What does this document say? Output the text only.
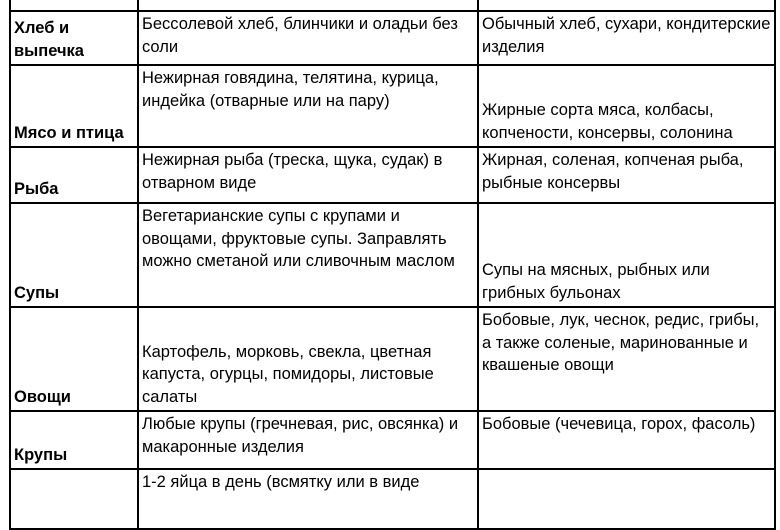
Хлеб и выпечка	Бессолевой хлеб, блинчики и оладьи без соли	Обычный хлеб, сухари, кондитерские изделия

Мясо и птица	Нежирная говядина, телятина, курица, индейка (отварные или на пару)	Жирные сорта мяса, колбасы, копчености, консервы, солонина

Рыба	Нежирная рыба (треска, щука, судак) в отварном виде	Жирная, соленая, копченая рыба, рыбные консервы

Супы	Вегетарианские супы с крупами и овощами, фруктовые супы. Заправлять можно сметаной или сливочным маслом	Супы на мясных, рыбных или грибных бульонах

Овощи	Картофель, морковь, свекла, цветная капуста, огурцы, помидоры, листовые салаты	Бобовые, лук, чеснок, редис, грибы, а также соленые, маринованные и квашеные овощи

Крупы	Любые крупы (гречневая, рис, овсянка) и макаронные изделия	Бобовые (чечевица, горох, фасоль)

	1-2 яйца в день (всмятку или в виде	
